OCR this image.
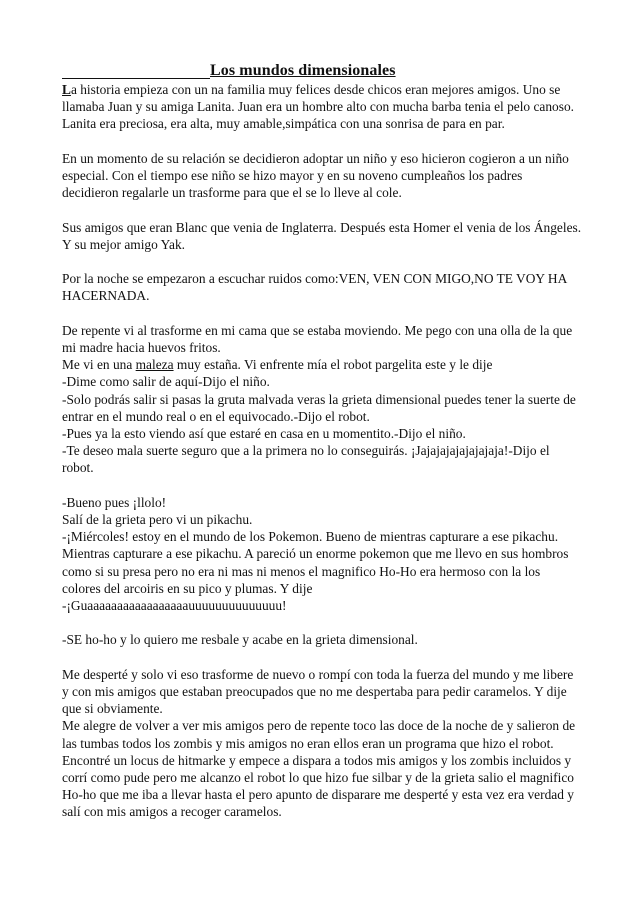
Los mundos dimensionales

La historia empieza con un na familia muy felices desde chicos eran mejores amigos. Uno se llamaba Juan y su amiga Lanita. Juan era un hombre alto con mucha barba tenia el pelo canoso.

Lanita era preciosa, era alta, muy amable,simpática con una sonrisa de para en par.

En un momento de su relación se decidieron adoptar un niño y eso hicieron cogieron a un niño especial. Con el tiempo ese niño se hizo mayor y en su noveno cumpleaños los padres decidieron regalarle un trasforme para que el se lo lleve al cole.

Sus amigos que eran Blanc que venia de Inglaterra. Después esta Homer el venia de los Ángeles.

Y su mejor amigo Yak.

Por la noche se empezaron a escuchar ruidos como:VEN, VEN CON MIGO,NO TE VOY HA HACERNADA.

De repente vi al trasforme en mi cama que se estaba moviendo. Me pego con una olla de la que mi madre hacia huevos fritos.

Me vi en una maleza muy estaña. Vi enfrente mía el robot pargelita este y le dije

-Dime como salir de aquí-Dijo el niño.

-Solo podrás salir si pasas la gruta malvada veras la grieta dimensional puedes tener la suerte de entrar en el mundo real o en el equivocado.-Dijo el robot.

-Pues ya la esto viendo así que estaré en casa en u momentito.-Dijo el niño.

-Te deseo mala suerte seguro que a la primera no lo conseguirás. ¡Jajajajajajajajaja!-Dijo el robot.

-Bueno pues ¡llolo!

Salí de la grieta pero vi un pikachu.

-¡Miércoles! estoy en el mundo de los Pokemon. Bueno de mientras capturare a ese pikachu. Mientras capturare a ese pikachu. A pareció un enorme pokemon que me llevo en sus hombros como si su presa pero no era ni mas ni menos el magnifico Ho-Ho era hermoso con la los colores del arcoiris en su pico y plumas. Y dije

-¡Guaaaaaaaaaaaaaaaaauuuuuuuuuuuuuu!

-SE ho-ho y lo quiero me resbale y acabe en la grieta dimensional.

Me desperté y solo vi eso trasforme de nuevo o rompí con toda la fuerza del mundo y me libere y con mis amigos que estaban preocupados que no me despertaba para pedir caramelos. Y dije que si obviamente.

Me alegre de volver a ver mis amigos pero de repente toco las doce de la noche de y salieron de las tumbas todos los zombis y mis amigos no eran ellos eran un programa que hizo el robot.

Encontré un locus de hitmarke y empece a dispara a todos mis amigos y los zombis incluidos y corrí como pude pero me alcanzo el robot lo que hizo fue silbar y de la grieta salio el magnifico Ho-ho que me iba a llevar hasta el pero apunto de disparare me desperté y esta vez era verdad y salí con mis amigos a recoger caramelos.
